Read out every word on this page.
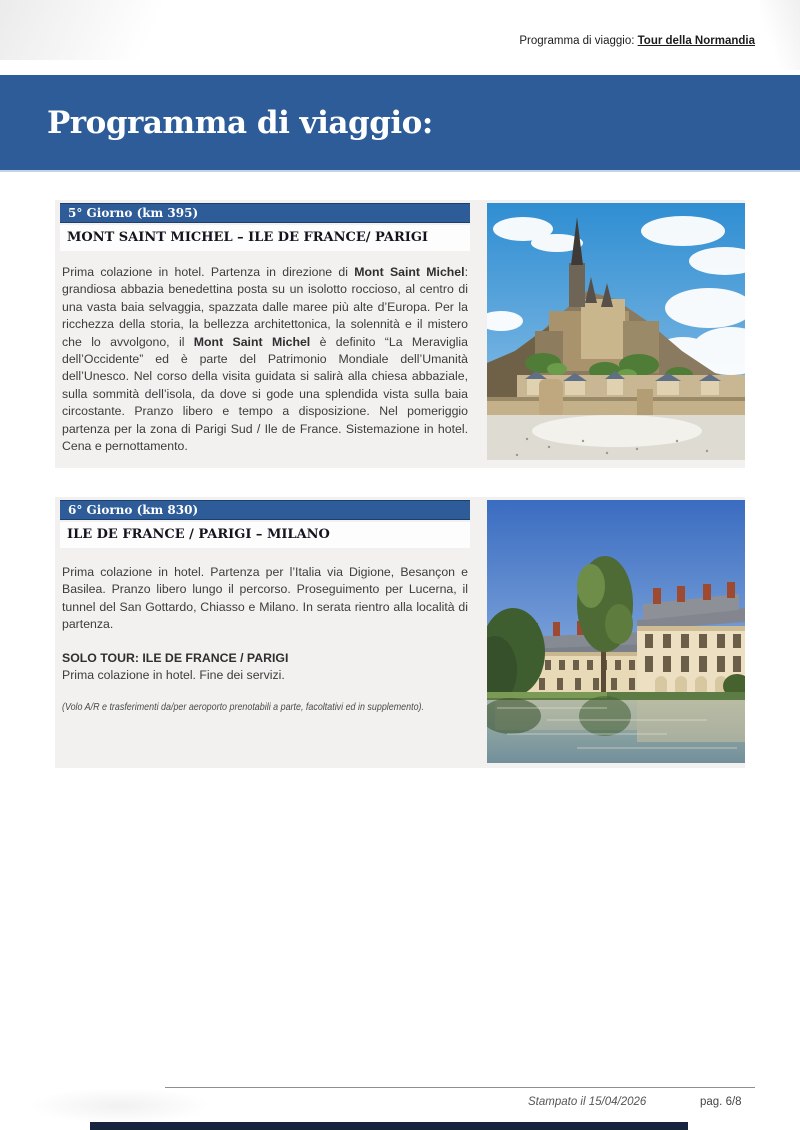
Programma di viaggio: Tour della Normandia
Programma di viaggio:
5° Giorno (km 395)
MONT SAINT MICHEL – ILE DE FRANCE/ PARIGI
Prima colazione in hotel. Partenza in direzione di Mont Saint Michel: grandiosa abbazia benedettina posta su un isolotto roccioso, al centro di una vasta baia selvaggia, spazzata dalle maree più alte d’Europa. Per la ricchezza della storia, la bellezza architettonica, la solennità e il mistero che lo avvolgono, il Mont Saint Michel è definito “La Meraviglia dell’Occidente” ed è parte del Patrimonio Mondiale dell’Umanità dell’Unesco. Nel corso della visita guidata si salirà alla chiesa abbaziale, sulla sommità dell’isola, da dove si gode una splendida vista sulla baia circostante. Pranzo libero e tempo a disposizione. Nel pomeriggio partenza per la zona di Parigi Sud / Ile de France. Sistemazione in hotel. Cena e pernottamento.
6° Giorno (km 830)
ILE DE FRANCE / PARIGI – MILANO
Prima colazione in hotel. Partenza per l’Italia via Digione, Besançon e Basilea. Pranzo libero lungo il percorso. Proseguimento per Lucerna, il tunnel del San Gottardo, Chiasso e Milano. In serata rientro alla località di partenza.
SOLO TOUR: ILE DE FRANCE / PARIGI
Prima colazione in hotel. Fine dei servizi.
(Volo A/R e trasferimenti da/per aeroporto prenotabili a parte, facoltativi ed in supplemento).
Stampato il 15/04/2026	pag. 6/8
